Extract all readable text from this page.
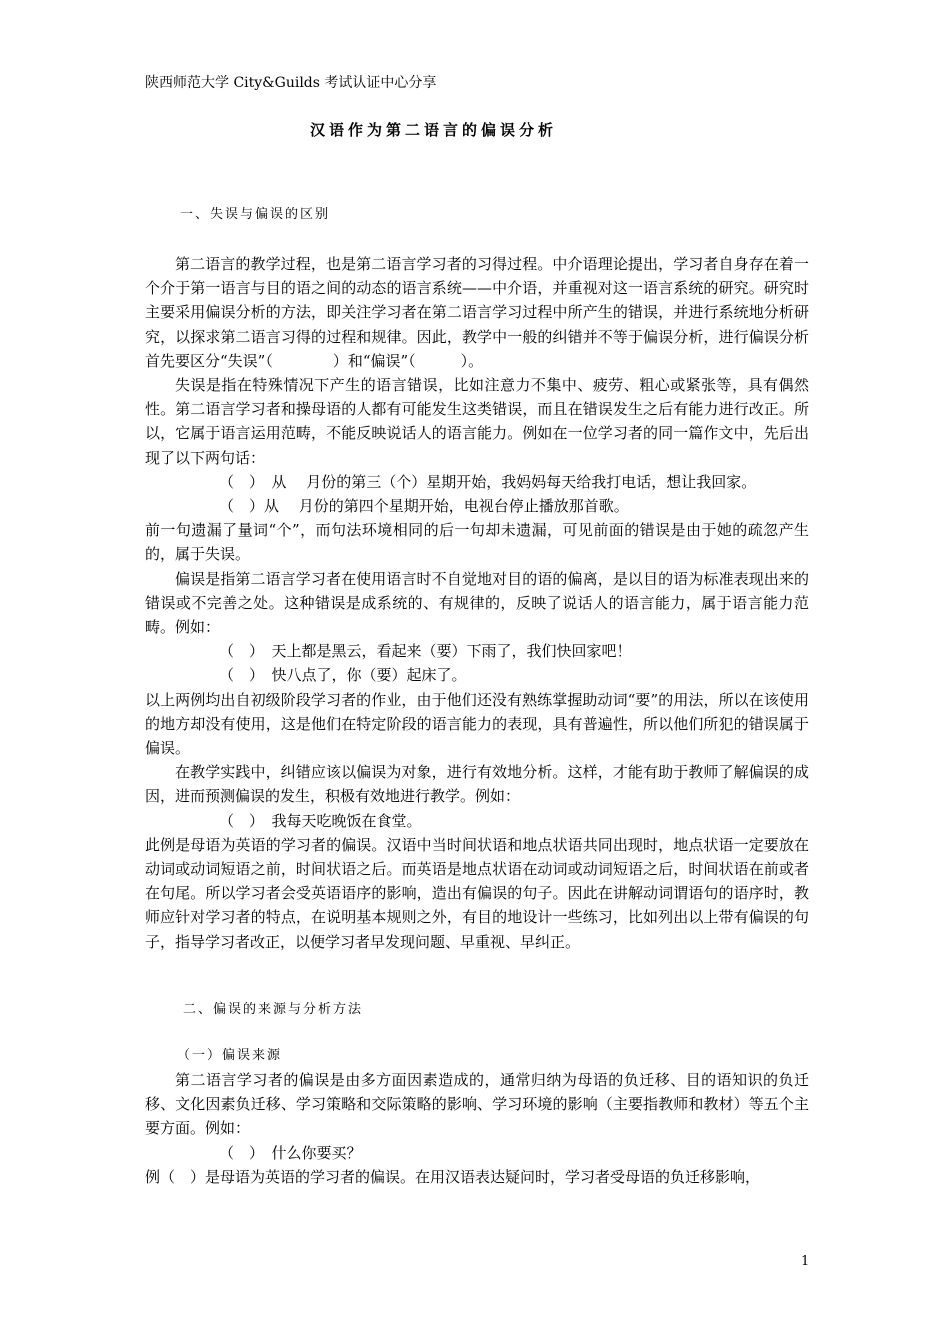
陕西师范大学 City&Guilds 考试认证中心分享
汉语作为第二语言的偏误分析
一、失误与偏误的区别

第二语言的教学过程，也是第二语言学习者的习得过程。中介语理论提出，学习者自身存在着一个介于第一语言与目的语之间的动态的语言系统——中介语，并重视对这一语言系统的研究。研究时主要采用偏误分析的方法，即关注学习者在第二语言学习过程中所产生的错误，并进行系统地分析研究，以探求第二语言习得的过程和规律。因此，教学中一般的纠错并不等于偏误分析，进行偏误分析首先要区分“失误”（　　　　）和“偏误”（　　　）。

失误是指在特殊情况下产生的语言错误，比如注意力不集中、疲劳、粗心或紧张等，具有偶然性。第二语言学习者和操母语的人都有可能发生这类错误，而且在错误发生之后有能力进行改正。所以，它属于语言运用范畴，不能反映说话人的语言能力。例如在一位学习者的同一篇作文中，先后出现了以下两句话：

（　）　从　 月份的第三（个）星期开始，我妈妈每天给我打电话，想让我回家。

（　）从　 月份的第四个星期开始，电视台停止播放那首歌。

前一句遗漏了量词“个”，而句法环境相同的后一句却未遗漏，可见前面的错误是由于她的疏忽产生的，属于失误。

偏误是指第二语言学习者在使用语言时不自觉地对目的语的偏离，是以目的语为标准表现出来的错误或不完善之处。这种错误是成系统的、有规律的，反映了说话人的语言能力，属于语言能力范畴。例如：

（　）　天上都是黑云，看起来（要）下雨了，我们快回家吧！

（　）　快八点了，你（要）起床了。

以上两例均出自初级阶段学习者的作业，由于他们还没有熟练掌握助动词“要”的用法，所以在该使用的地方却没有使用，这是他们在特定阶段的语言能力的表现，具有普遍性，所以他们所犯的错误属于偏误。

在教学实践中，纠错应该以偏误为对象，进行有效地分析。这样，才能有助于教师了解偏误的成因，进而预测偏误的发生，积极有效地进行教学。例如：

（　）　我每天吃晚饭在食堂。

此例是母语为英语的学习者的偏误。汉语中当时间状语和地点状语共同出现时，地点状语一定要放在动词或动词短语之前，时间状语之后。而英语是地点状语在动词或动词短语之后，时间状语在前或者在句尾。所以学习者会受英语语序的影响，造出有偏误的句子。因此在讲解动词谓语句的语序时，教师应针对学习者的特点，在说明基本规则之外，有目的地设计一些练习，比如列出以上带有偏误的句子，指导学习者改正，以便学习者早发现问题、早重视、早纠正。

二、偏误的来源与分析方法

（一）偏误来源

第二语言学习者的偏误是由多方面因素造成的，通常归纳为母语的负迁移、目的语知识的负迁移、文化因素负迁移、学习策略和交际策略的影响、学习环境的影响（主要指教师和教材）等五个主要方面。例如：

（　）　什么你要买？

例（　）是母语为英语的学习者的偏误。在用汉语表达疑问时，学习者受母语的负迁移影响，

1
